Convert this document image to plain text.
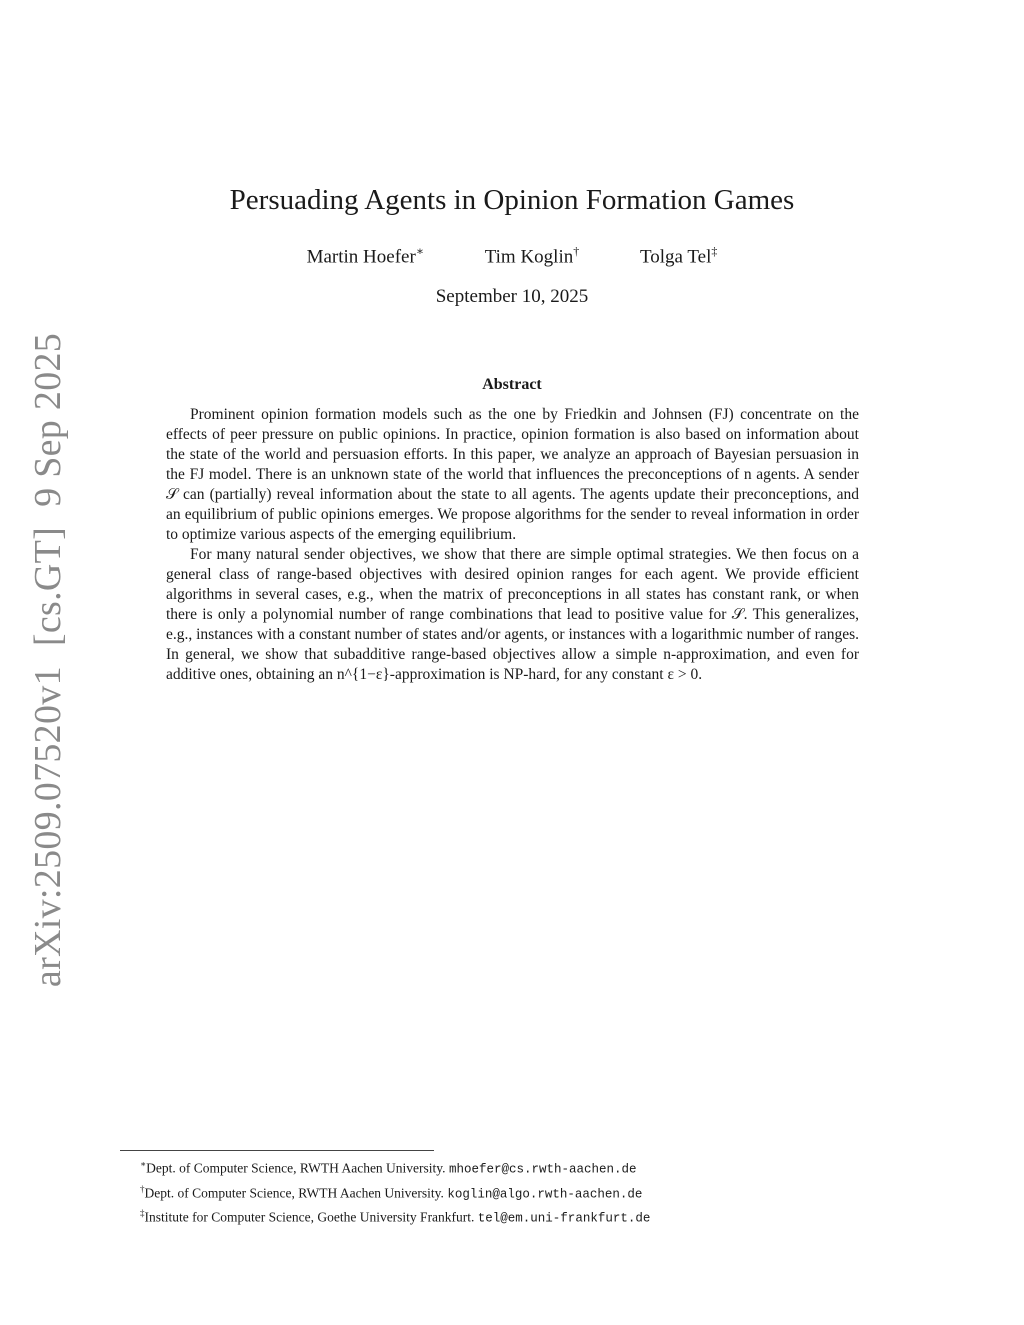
arXiv:2509.07520v1[cs.GT]9 Sep 2025
Persuading Agents in Opinion Formation Games
Martin Hoefer∗	Tim Koglin†	Tolga Tel‡
September 10, 2025
Abstract

Prominent opinion formation models such as the one by Friedkin and Johnsen (FJ) concentrate on the effects of peer pressure on public opinions. In practice, opinion formation is also based on information about the state of the world and persuasion efforts. In this paper, we analyze an approach of Bayesian persuasion in the FJ model. There is an unknown state of the world that influences the preconceptions of n agents. A sender 𝒮 can (partially) reveal information about the state to all agents. The agents update their preconceptions, and an equilibrium of public opinions emerges. We propose algorithms for the sender to reveal information in order to optimize various aspects of the emerging equilibrium.

For many natural sender objectives, we show that there are simple optimal strategies. We then focus on a general class of range-based objectives with desired opinion ranges for each agent. We provide efficient algorithms in several cases, e.g., when the matrix of preconceptions in all states has constant rank, or when there is only a polynomial number of range combinations that lead to positive value for 𝒮. This generalizes, e.g., instances with a constant number of states and/or agents, or instances with a logarithmic number of ranges. In general, we show that subadditive range-based objectives allow a simple n-approximation, and even for additive ones, obtaining an n^{1−ε}-approximation is NP-hard, for any constant ε > 0.

∗Dept. of Computer Science, RWTH Aachen University. mhoefer@cs.rwth-aachen.de
†Dept. of Computer Science, RWTH Aachen University. koglin@algo.rwth-aachen.de
‡Institute for Computer Science, Goethe University Frankfurt. tel@em.uni-frankfurt.de
